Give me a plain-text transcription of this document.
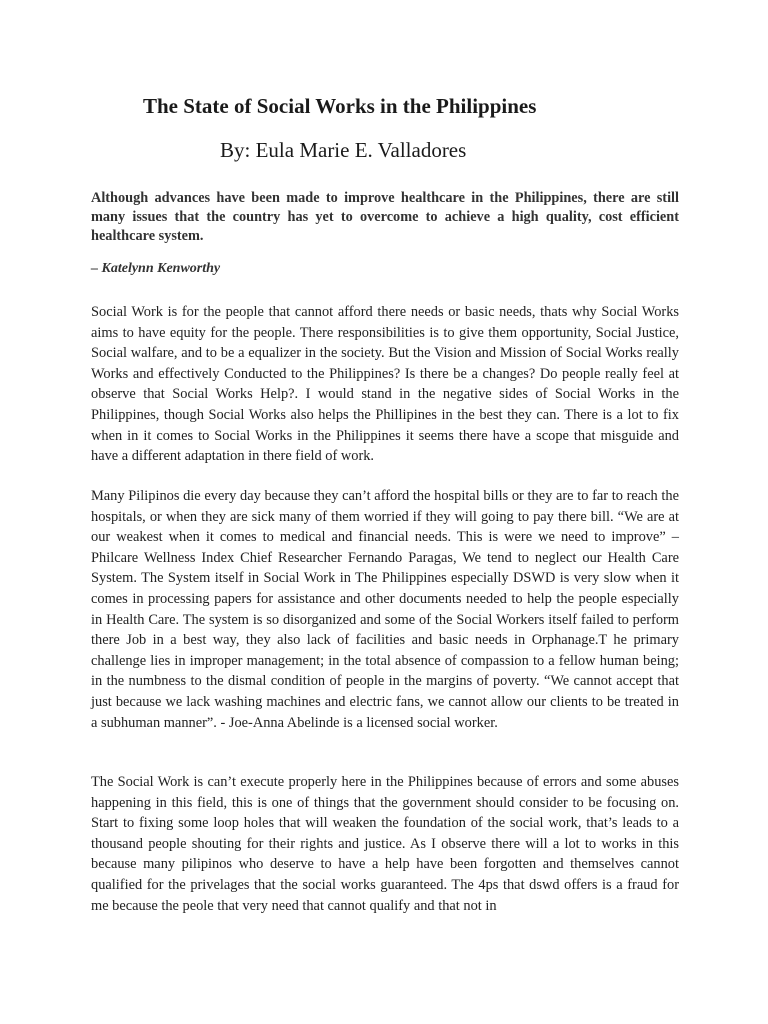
The State of Social Works in the Philippines
By: Eula Marie E. Valladores

Although advances have been made to improve healthcare in the Philippines, there are still many issues that the country has yet to overcome to achieve a high quality, cost efficient healthcare system.

– Katelynn Kenworthy

Social Work is for the people that cannot afford there needs or basic needs, thats why Social Works aims to have equity for the people. There responsibilities is to give them opportunity, Social Justice, Social walfare, and to be a equalizer in the society. But the Vision and Mission of Social Works really Works and effectively Conducted to the Philippines? Is there be a changes? Do people really feel at observe that Social Works Help?. I would stand in the negative sides of Social Works in the Philippines, though Social Works also helps the Phillipines in the best they can. There is a lot to fix when in it comes to Social Works in the Philippines it seems there have a scope that misguide and have a different adaptation in there field of work.

Many Pilipinos die every day because they can’t afford the hospital bills or they are to far to reach the hospitals, or when they are sick many of them worried if they will going to pay there bill. “We are at our weakest when it comes to medical and financial needs. This is were we need to improve” – Philcare Wellness Index Chief Researcher Fernando Paragas, We tend to neglect our Health Care System. The System itself in Social Work in The Philippines especially DSWD is very slow when it comes in processing papers for assistance and other documents needed to help the people especially in Health Care. The system is so disorganized and some of the Social Workers itself failed to perform there Job in a best way, they also lack of facilities and basic needs in Orphanage.T he primary challenge lies in improper management; in the total absence of compassion to a fellow human being; in the numbness to the dismal condition of people in the margins of poverty. “We cannot accept that just because we lack washing machines and electric fans, we cannot allow our clients to be treated in a subhuman manner”. - Joe-Anna Abelinde is a licensed social worker.

The Social Work is can’t execute properly here in the Philippines because of errors and some abuses happening in this field, this is one of things that the government should consider to be focusing on. Start to fixing some loop holes that will weaken the foundation of the social work, that’s leads to a thousand people shouting for their rights and justice. As I observe there will a lot to works in this because many pilipinos who deserve to have a help have been forgotten and themselves cannot qualified for the privelages that the social works guaranteed. The 4ps that dswd offers is a fraud for me because the peole that very need that cannot qualify and that not in
